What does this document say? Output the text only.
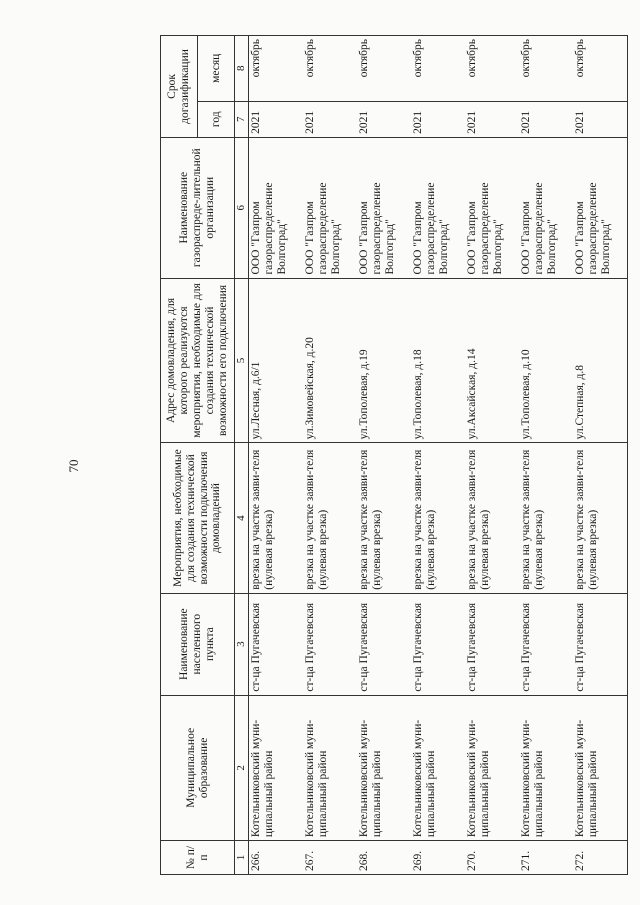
70
№ п/п	Муниципальное образование	Наименование населенного пункта	Мероприятия, необходимые для создания технической возможности подключения домовладений	Адрес домовладения, для которого реализуются мероприятия, необходимые для создания технической возможности его подключения	Наименование газораспреде-лительной организации	Срок догазификации	
						год	месяц
1	2	3	4	5	6	7	8
266.	Котельниковский муни-ципальный район	ст-ца Пугачевская	врезка на участке заяви-теля (нулевая врезка)	ул.Лесная, д.6/1	ООО "Газпром газораспределение Волгоград"	2021	октябрь
267.	Котельниковский муни-ципальный район	ст-ца Пугачевская	врезка на участке заяви-теля (нулевая врезка)	ул.Зимовейская, д.20	ООО "Газпром газораспределение Волгоград"	2021	октябрь
268.	Котельниковский муни-ципальный район	ст-ца Пугачевская	врезка на участке заяви-теля (нулевая врезка)	ул.Тополевая, д.19	ООО "Газпром газораспределение Волгоград"	2021	октябрь
269.	Котельниковский муни-ципальный район	ст-ца Пугачевская	врезка на участке заяви-теля (нулевая врезка)	ул.Тополевая, д.18	ООО "Газпром газораспределение Волгоград"	2021	октябрь
270.	Котельниковский муни-ципальный район	ст-ца Пугачевская	врезка на участке заяви-теля (нулевая врезка)	ул.Аксайская, д.14	ООО "Газпром газораспределение Волгоград"	2021	октябрь
271.	Котельниковский муни-ципальный район	ст-ца Пугачевская	врезка на участке заяви-теля (нулевая врезка)	ул.Тополевая, д.10	ООО "Газпром газораспределение Волгоград"	2021	октябрь
272.	Котельниковский муни-ципальный район	ст-ца Пугачевская	врезка на участке заяви-теля (нулевая врезка)	ул.Степная, д.8	ООО "Газпром газораспределение Волгоград"	2021	октябрь
